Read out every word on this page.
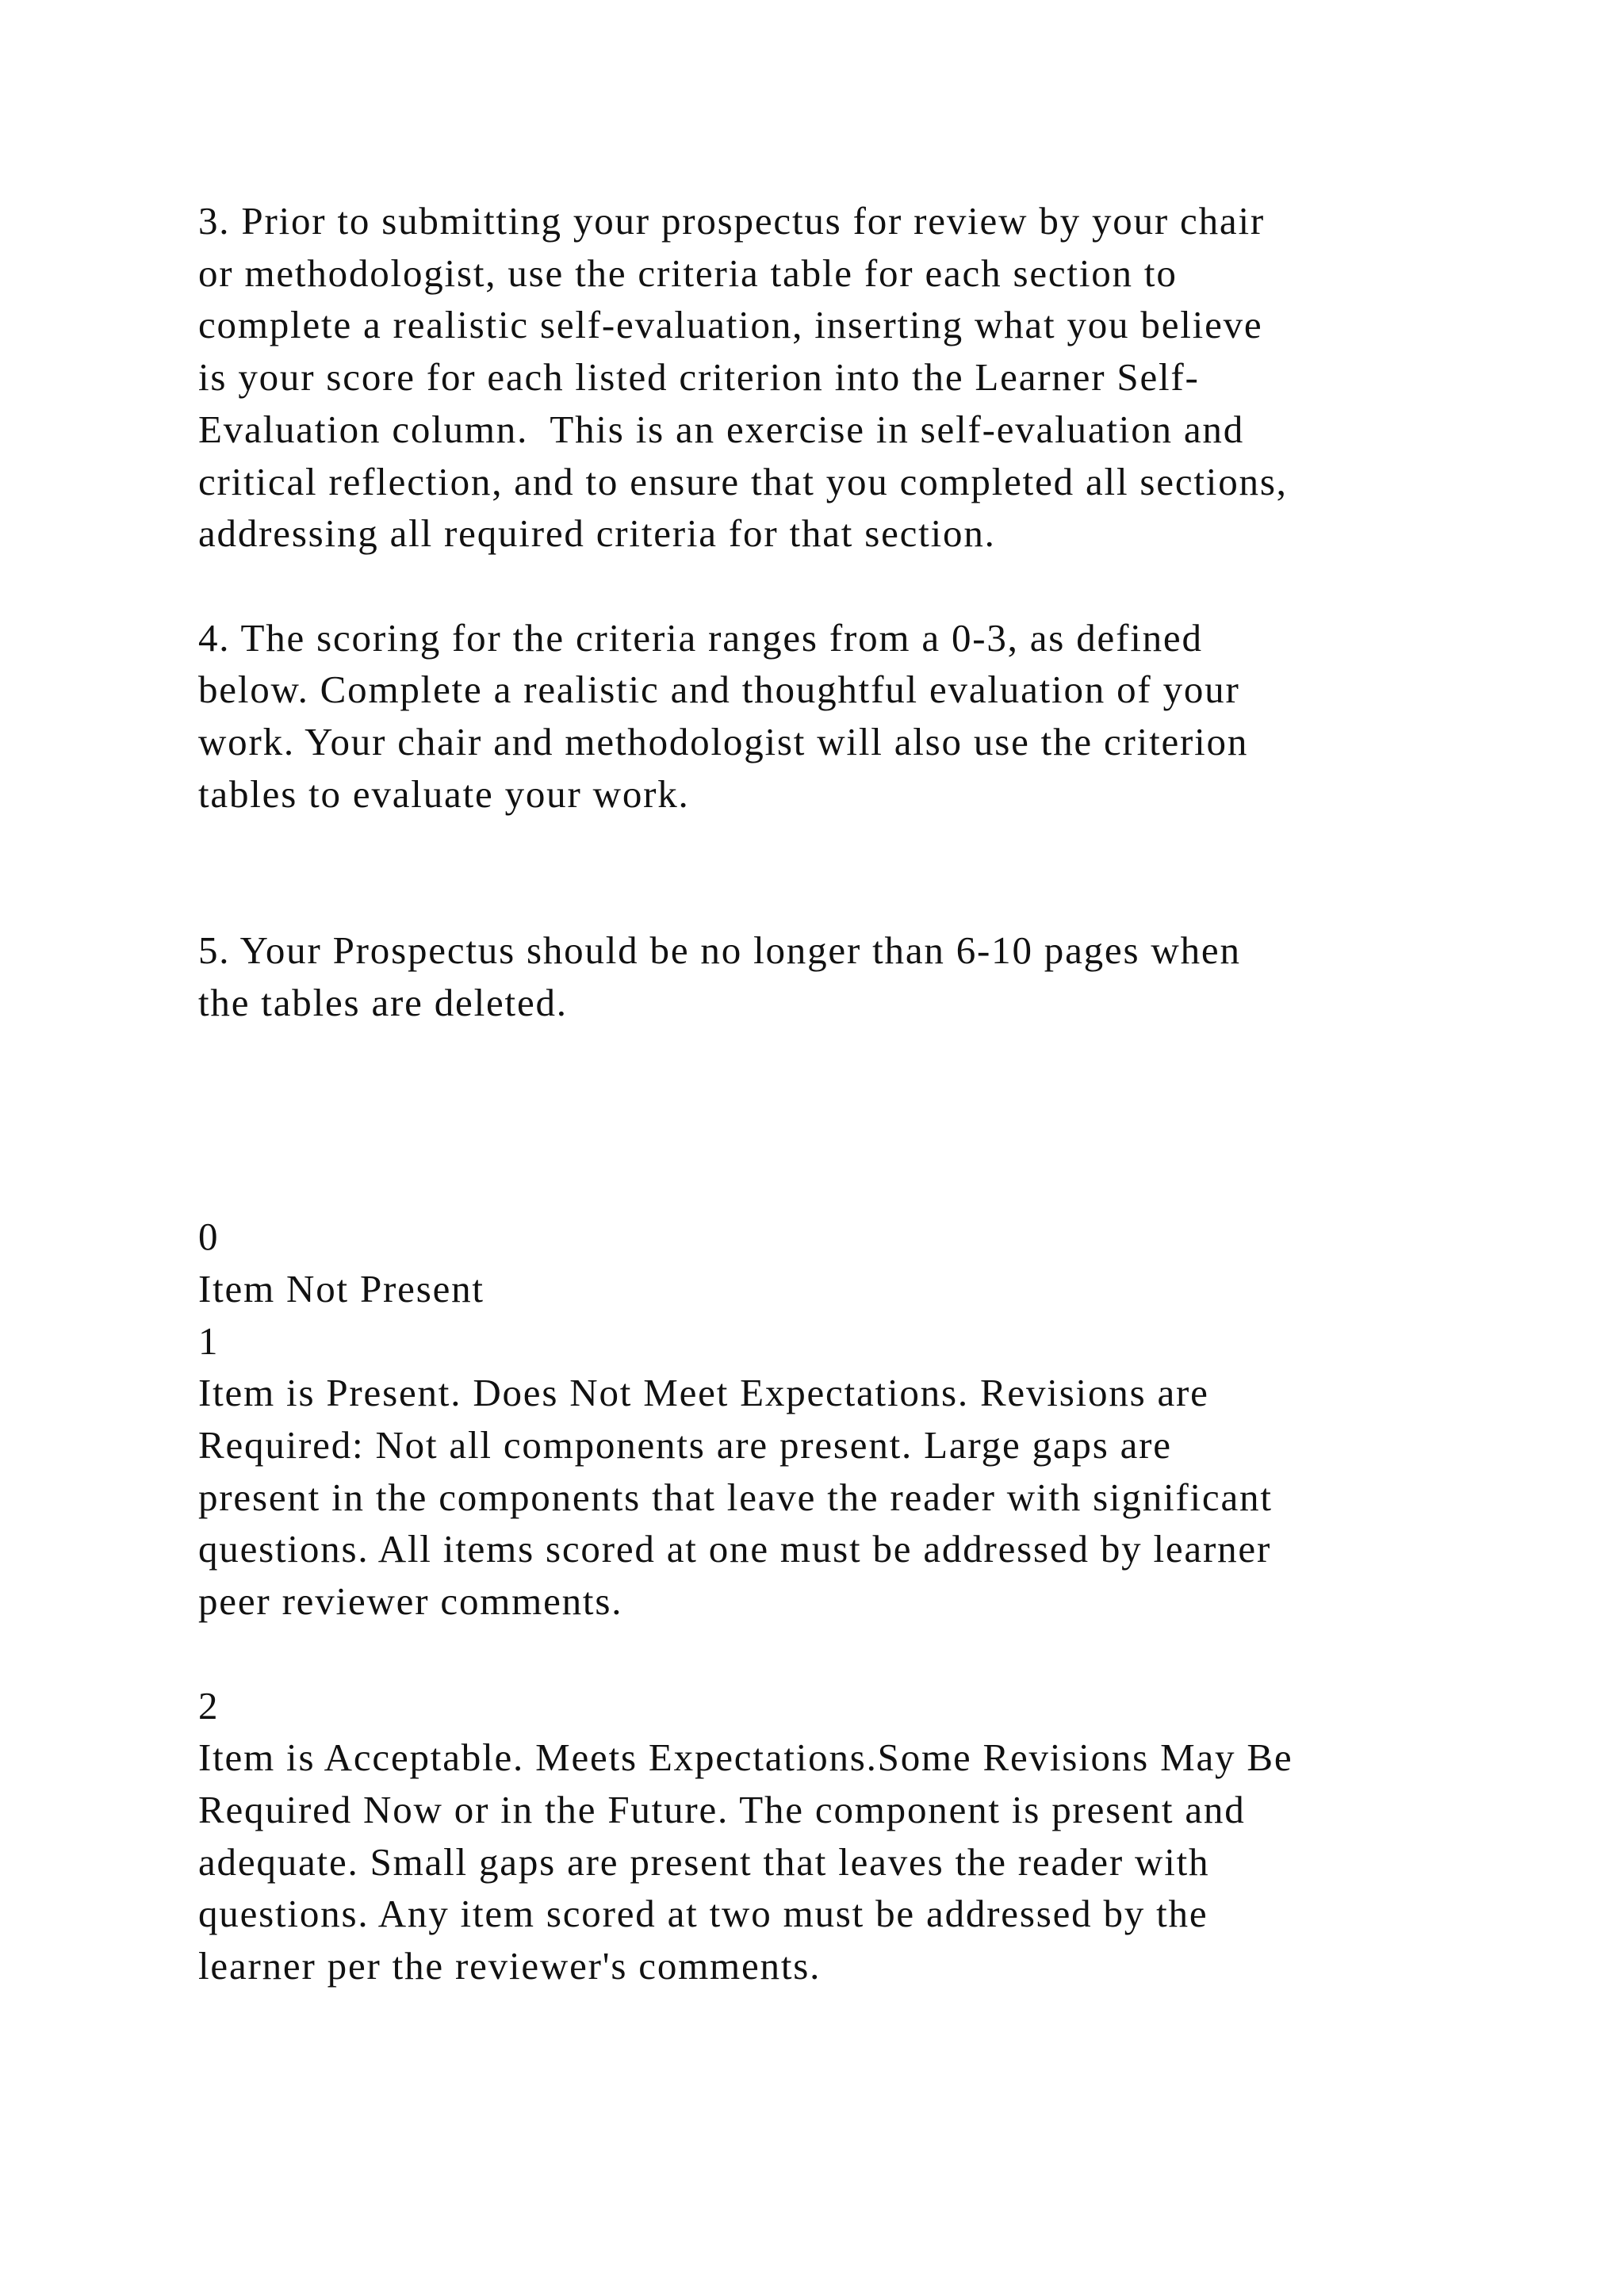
3. Prior to submitting your prospectus for review by your chair
or methodologist, use the criteria table for each section to
complete a realistic self-evaluation, inserting what you believe
is your score for each listed criterion into the Learner Self-
Evaluation column.  This is an exercise in self-evaluation and
critical reflection, and to ensure that you completed all sections,
addressing all required criteria for that section.
4. The scoring for the criteria ranges from a 0-3, as defined
below. Complete a realistic and thoughtful evaluation of your
work. Your chair and methodologist will also use the criterion
tables to evaluate your work.
5. Your Prospectus should be no longer than 6-10 pages when
the tables are deleted.
0
Item Not Present
1
Item is Present. Does Not Meet Expectations. Revisions are
Required: Not all components are present. Large gaps are
present in the components that leave the reader with significant
questions. All items scored at one must be addressed by learner
peer reviewer comments.
2
Item is Acceptable. Meets Expectations.Some Revisions May Be
Required Now or in the Future. The component is present and
adequate. Small gaps are present that leaves the reader with
questions. Any item scored at two must be addressed by the
learner per the reviewer's comments.
